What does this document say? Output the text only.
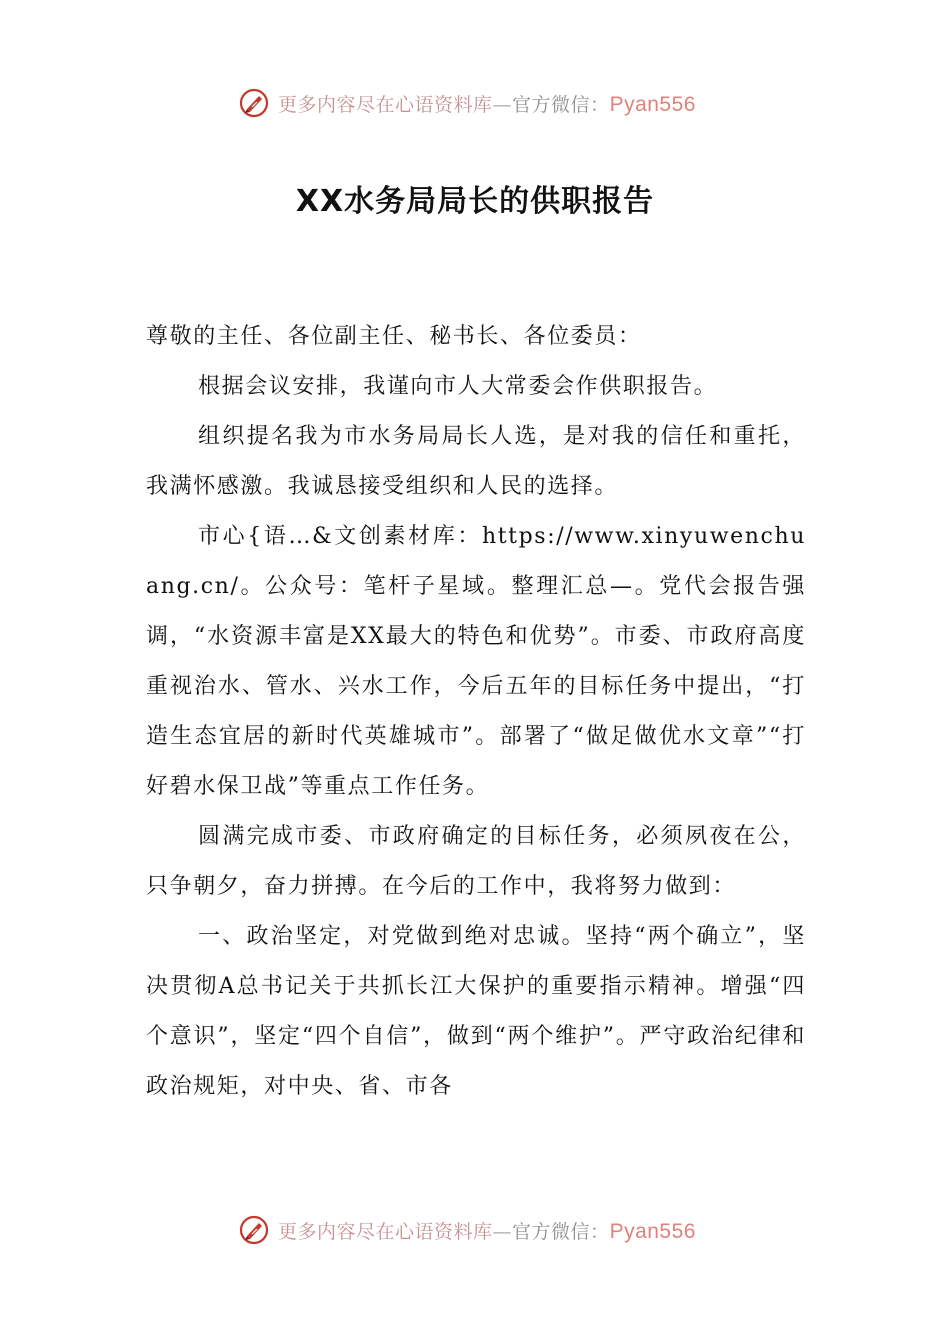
更多内容尽在心语资料库—官方微信：Pyan556
XX水务局局长的供职报告

尊敬的主任、各位副主任、秘书长、各位委员：

根据会议安排，我谨向市人大常委会作供职报告。

组织提名我为市水务局局长人选，是对我的信任和重托，我满怀感激。我诚恳接受组织和人民的选择。

市心{语…&文创素材库：https://www.xinyuwenchuang.cn/。公众号：笔杆子星域。整理汇总—。党代会报告强调，“水资源丰富是XX最大的特色和优势”。市委、市政府高度重视治水、管水、兴水工作，今后五年的目标任务中提出，“打造生态宜居的新时代英雄城市”。部署了“做足做优水文章”“打好碧水保卫战”等重点工作任务。

圆满完成市委、市政府确定的目标任务，必须夙夜在公，只争朝夕，奋力拼搏。在今后的工作中，我将努力做到：

一、政治坚定，对党做到绝对忠诚。坚持“两个确立”，坚决贯彻A总书记关于共抓长江大保护的重要指示精神。增强“四个意识”，坚定“四个自信”，做到“两个维护”。严守政治纪律和政治规矩，对中央、省、市各

更多内容尽在心语资料库—官方微信：Pyan556
